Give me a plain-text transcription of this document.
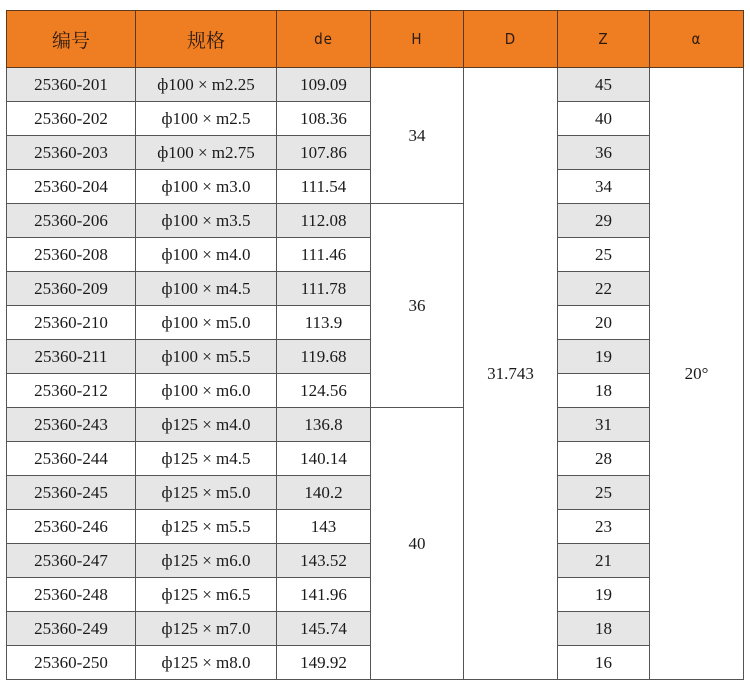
编号	规格	de	H	D	Z	α
25360-201	ф100 × m2.25	109.09	34	31.743	45	20°
25360-202	ф100 × m2.5	108.36			40	
25360-203	ф100 × m2.75	107.86			36	
25360-204	ф100 × m3.0	111.54			34	
25360-206	ф100 × m3.5	112.08	36		29	
25360-208	ф100 × m4.0	111.46			25	
25360-209	ф100 × m4.5	111.78			22	
25360-210	ф100 × m5.0	113.9			20	
25360-211	ф100 × m5.5	119.68			19	
25360-212	ф100 × m6.0	124.56			18	
25360-243	ф125 × m4.0	136.8	40		31	
25360-244	ф125 × m4.5	140.14			28	
25360-245	ф125 × m5.0	140.2			25	
25360-246	ф125 × m5.5	143			23	
25360-247	ф125 × m6.0	143.52			21	
25360-248	ф125 × m6.5	141.96			19	
25360-249	ф125 × m7.0	145.74			18	
25360-250	ф125 × m8.0	149.92			16	
